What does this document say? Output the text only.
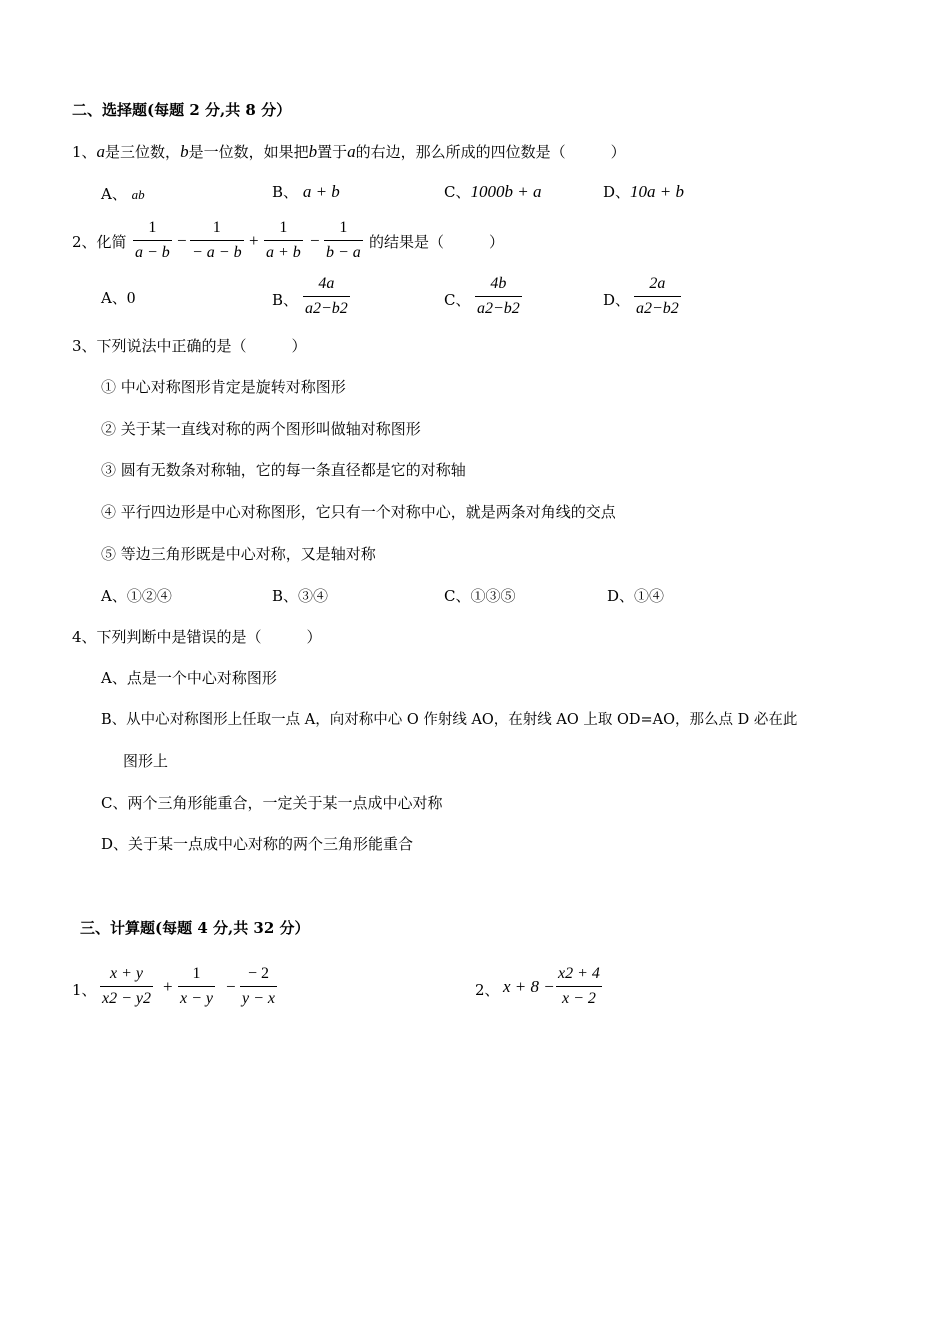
二、选择题(每题 2 分,共 8 分）
1、a是三位数，b是一位数，如果把b置于a的右边，那么所成的四位数是（　　　）
A、 ab	B、 a + b	C、1000b + a	D、10a + b
2、化简
1
a − b
−
1
− a − b
+
1
a + b
−
1
b − a
的结果是（　　　）
A、0	B、
4a
a2−b2	C、
4b
a2−b2	D、
2a
a2−b2
3、下列说法中正确的是（　　　）
① 中心对称图形肯定是旋转对称图形
② 关于某一直线对称的两个图形叫做轴对称图形
③ 圆有无数条对称轴，它的每一条直径都是它的对称轴
④ 平行四边形是中心对称图形，它只有一个对称中心，就是两条对角线的交点
⑤ 等边三角形既是中心对称，又是轴对称
A、①②④	B、③④	C、①③⑤	D、①④
4、下列判断中是错误的是（　　　）
A、点是一个中心对称图形
B、从中心对称图形上任取一点 A，向对称中心 O 作射线 AO，在射线 AO 上取 OD=AO，那么点 D 必在此
图形上
C、两个三角形能重合，一定关于某一点成中心对称
D、关于某一点成中心对称的两个三角形能重合
三、计算题(每题 4 分,共 32 分）
1、
x + y
x2 − y2
+
1
x − y
−
− 2
y − x	2、 x + 8 −
x2 + 4
x − 2
